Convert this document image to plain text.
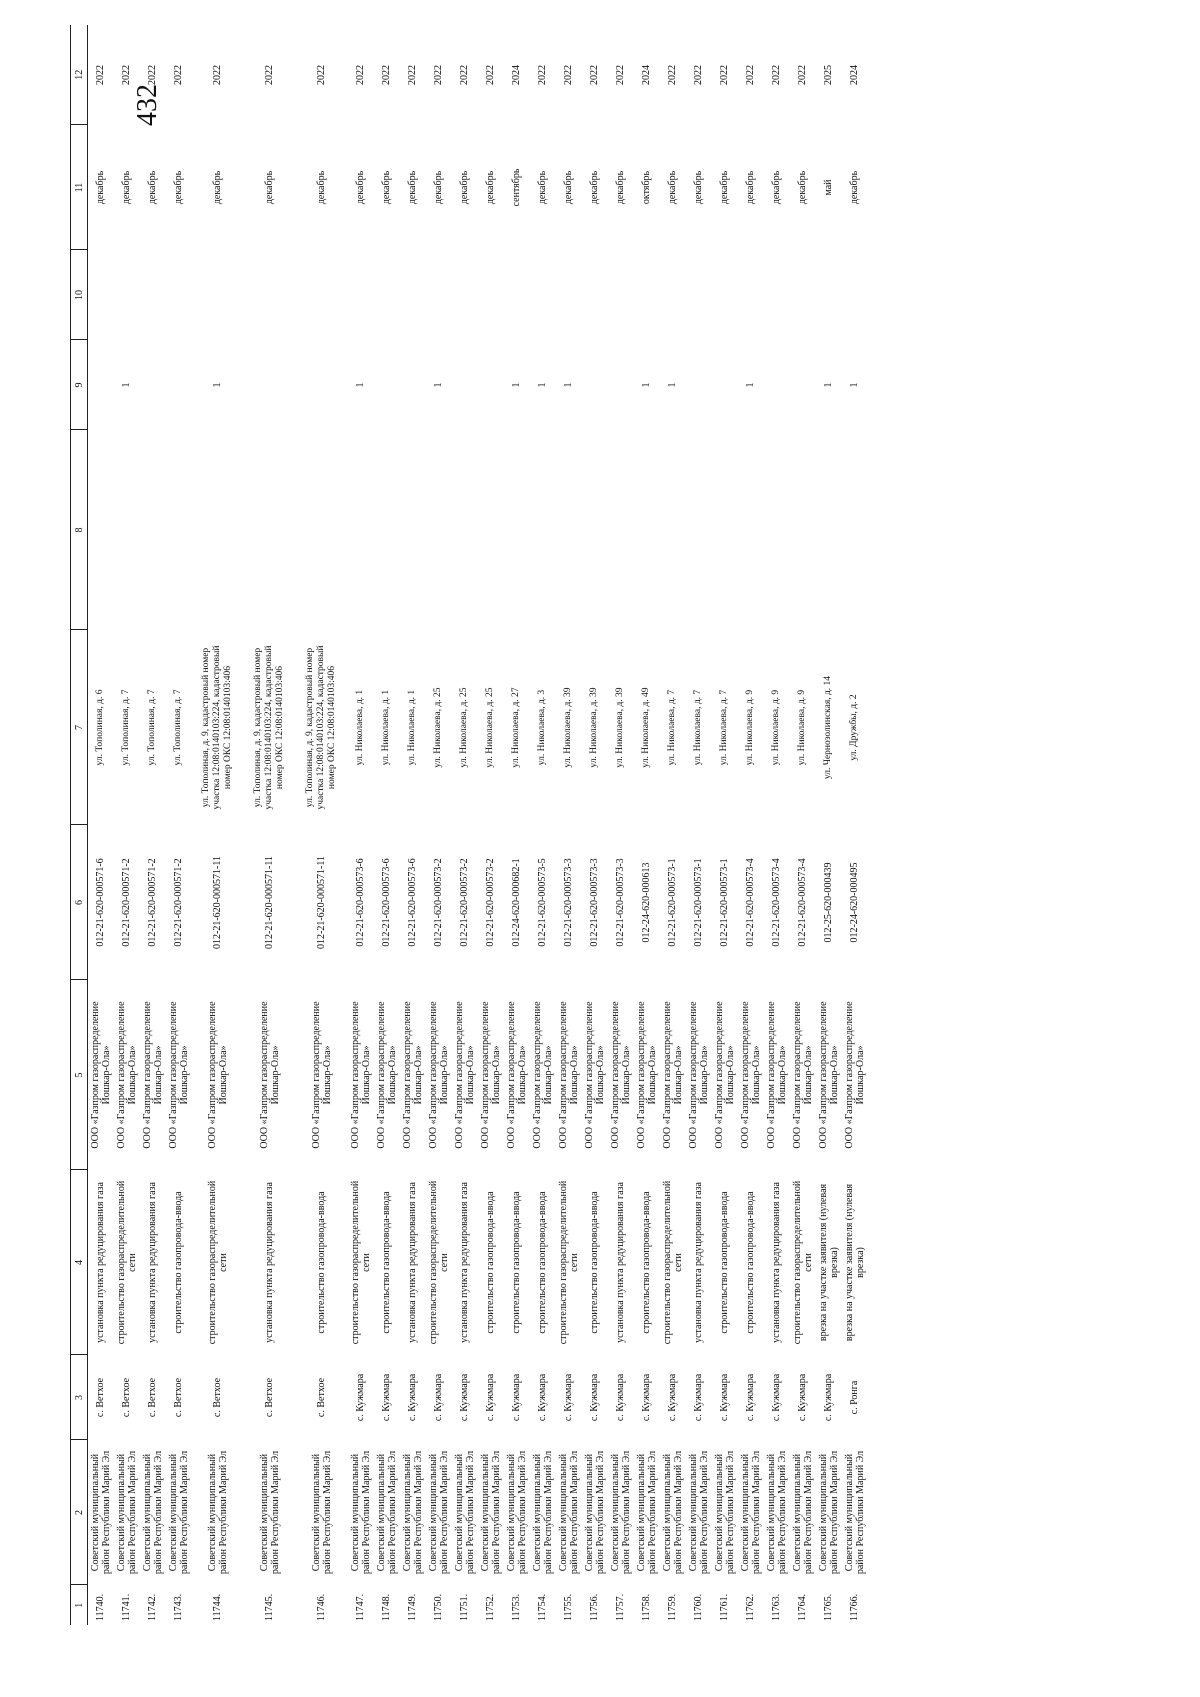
432
1	2	3	4	5	6	7	8	9	10	11	12
11740.	Советский муниципальный район Республики Марий Эл	с. Ветхое	установка пункта редуцирования газа	ООО «Газпром газораспределение Йошкар-Ола»	012-21-620-000571-6	ул. Тополиная, д. 6				декабрь	2022
11741.	Советский муниципальный район Республики Марий Эл	с. Ветхое	строительство газораспределительной сети	ООО «Газпром газораспределение Йошкар-Ола»	012-21-620-000571-2	ул. Тополиная, д. 7		1		декабрь	2022
11742.	Советский муниципальный район Республики Марий Эл	с. Ветхое	установка пункта редуцирования газа	ООО «Газпром газораспределение Йошкар-Ола»	012-21-620-000571-2	ул. Тополиная, д. 7				декабрь	2022
11743.	Советский муниципальный район Республики Марий Эл	с. Ветхое	строительство газопровода-ввода	ООО «Газпром газораспределение Йошкар-Ола»	012-21-620-000571-2	ул. Тополиная, д. 7				декабрь	2022
11744.	Советский муниципальный район Республики Марий Эл	с. Ветхое	строительство газораспределительной сети	ООО «Газпром газораспределение Йошкар-Ола»	012-21-620-000571-11	ул. Тополиная, д. 9, кадастровый номер участка 12:08:0140103:224, кадастровый номер ОКС 12:08:0140103:406		1		декабрь	2022
11745.	Советский муниципальный район Республики Марий Эл	с. Ветхое	установка пункта редуцирования газа	ООО «Газпром газораспределение Йошкар-Ола»	012-21-620-000571-11	ул. Тополиная, д. 9, кадастровый номер участка 12:08:0140103:224, кадастровый номер ОКС 12:08:0140103:406				декабрь	2022
11746.	Советский муниципальный район Республики Марий Эл	с. Ветхое	строительство газопровода-ввода	ООО «Газпром газораспределение Йошкар-Ола»	012-21-620-000571-11	ул. Тополиная, д. 9, кадастровый номер участка 12:08:0140103:224, кадастровый номер ОКС 12:08:0140103:406				декабрь	2022
11747.	Советский муниципальный район Республики Марий Эл	с. Кужмара	строительство газораспределительной сети	ООО «Газпром газораспределение Йошкар-Ола»	012-21-620-000573-6	ул. Николаева, д. 1		1		декабрь	2022
11748.	Советский муниципальный район Республики Марий Эл	с. Кужмара	строительство газопровода-ввода	ООО «Газпром газораспределение Йошкар-Ола»	012-21-620-000573-6	ул. Николаева, д. 1				декабрь	2022
11749.	Советский муниципальный район Республики Марий Эл	с. Кужмара	установка пункта редуцирования газа	ООО «Газпром газораспределение Йошкар-Ола»	012-21-620-000573-6	ул. Николаева, д. 1				декабрь	2022
11750.	Советский муниципальный район Республики Марий Эл	с. Кужмара	строительство газораспределительной сети	ООО «Газпром газораспределение Йошкар-Ола»	012-21-620-000573-2	ул. Николаева, д. 25		1		декабрь	2022
11751.	Советский муниципальный район Республики Марий Эл	с. Кужмара	установка пункта редуцирования газа	ООО «Газпром газораспределение Йошкар-Ола»	012-21-620-000573-2	ул. Николаева, д. 25				декабрь	2022
11752.	Советский муниципальный район Республики Марий Эл	с. Кужмара	строительство газопровода-ввода	ООО «Газпром газораспределение Йошкар-Ола»	012-21-620-000573-2	ул. Николаева, д. 25				декабрь	2022
11753.	Советский муниципальный район Республики Марий Эл	с. Кужмара	строительство газопровода-ввода	ООО «Газпром газораспределение Йошкар-Ола»	012-24-620-000682-1	ул. Николаева, д. 27		1		сентябрь	2024
11754.	Советский муниципальный район Республики Марий Эл	с. Кужмара	строительство газопровода-ввода	ООО «Газпром газораспределение Йошкар-Ола»	012-21-620-000573-5	ул. Николаева, д. 3		1		декабрь	2022
11755.	Советский муниципальный район Республики Марий Эл	с. Кужмара	строительство газораспределительной сети	ООО «Газпром газораспределение Йошкар-Ола»	012-21-620-000573-3	ул. Николаева, д. 39		1		декабрь	2022
11756.	Советский муниципальный район Республики Марий Эл	с. Кужмара	строительство газопровода-ввода	ООО «Газпром газораспределение Йошкар-Ола»	012-21-620-000573-3	ул. Николаева, д. 39				декабрь	2022
11757.	Советский муниципальный район Республики Марий Эл	с. Кужмара	установка пункта редуцирования газа	ООО «Газпром газораспределение Йошкар-Ола»	012-21-620-000573-3	ул. Николаева, д. 39				декабрь	2022
11758.	Советский муниципальный район Республики Марий Эл	с. Кужмара	строительство газопровода-ввода	ООО «Газпром газораспределение Йошкар-Ола»	012-24-620-000613	ул. Николаева, д. 49		1		октябрь	2024
11759.	Советский муниципальный район Республики Марий Эл	с. Кужмара	строительство газораспределительной сети	ООО «Газпром газораспределение Йошкар-Ола»	012-21-620-000573-1	ул. Николаева, д. 7		1		декабрь	2022
11760.	Советский муниципальный район Республики Марий Эл	с. Кужмара	установка пункта редуцирования газа	ООО «Газпром газораспределение Йошкар-Ола»	012-21-620-000573-1	ул. Николаева, д. 7				декабрь	2022
11761.	Советский муниципальный район Республики Марий Эл	с. Кужмара	строительство газопровода-ввода	ООО «Газпром газораспределение Йошкар-Ола»	012-21-620-000573-1	ул. Николаева, д. 7				декабрь	2022
11762.	Советский муниципальный район Республики Марий Эл	с. Кужмара	строительство газопровода-ввода	ООО «Газпром газораспределение Йошкар-Ола»	012-21-620-000573-4	ул. Николаева, д. 9		1		декабрь	2022
11763.	Советский муниципальный район Республики Марий Эл	с. Кужмара	установка пункта редуцирования газа	ООО «Газпром газораспределение Йошкар-Ола»	012-21-620-000573-4	ул. Николаева, д. 9				декабрь	2022
11764.	Советский муниципальный район Республики Марий Эл	с. Кужмара	строительство газораспределительной сети	ООО «Газпром газораспределение Йошкар-Ола»	012-21-620-000573-4	ул. Николаева, д. 9				декабрь	2022
11765.	Советский муниципальный район Республики Марий Эл	с. Кужмара	врезка на участке заявителя (нулевая врезка)	ООО «Газпром газораспределение Йошкар-Ола»	012-25-620-000439	ул. Чернозолинская, д. 14		1		май	2025
11766.	Советский муниципальный район Республики Марий Эл	с. Ронга	врезка на участке заявителя (нулевая врезка)	ООО «Газпром газораспределение Йошкар-Ола»	012-24-620-000495	ул. Дружбы, д. 2		1		декабрь	2024
